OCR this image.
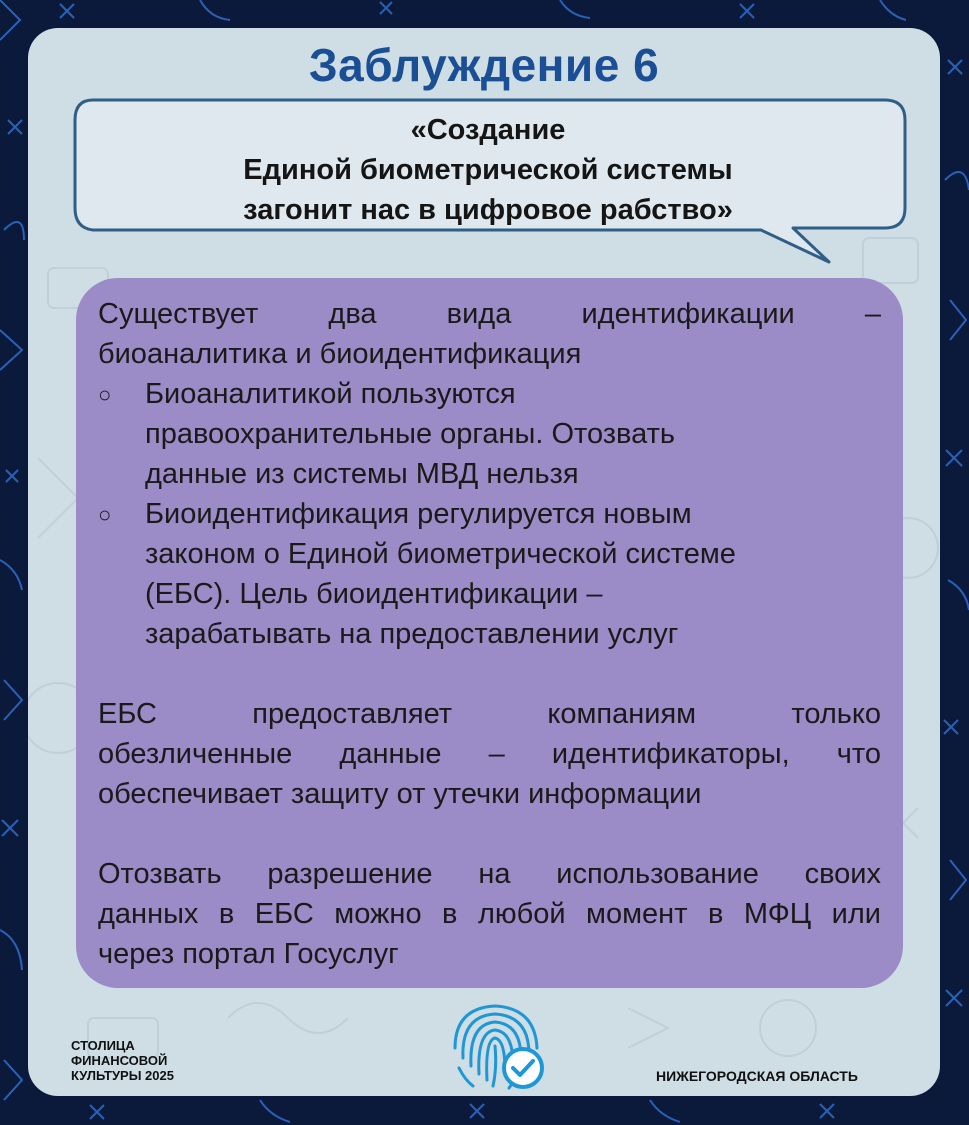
Заблуждение 6
«Создание
Единой биометрической системы
загонит нас в цифровое рабство»
Существует два вида идентификации –
биоаналитика и биоидентификация
○ Биоаналитикой пользуются
правоохранительные органы. Отозвать
данные из системы МВД нельзя
○ Биоидентификация регулируется новым
законом о Единой биометрической системе
(ЕБС). Цель биоидентификации –
зарабатывать на предоставлении услуг
ЕБС предоставляет компаниям только
обезличенные данные – идентификаторы, что
обеспечивает защиту от утечки информации
Отозвать разрешение на использование своих
данных в ЕБС можно в любой момент в МФЦ или
через портал Госуслуг
СТОЛИЦА
ФИНАНСОВОЙ
КУЛЬТУРЫ 2025	НИЖЕГОРОДСКАЯ ОБЛАСТЬ
